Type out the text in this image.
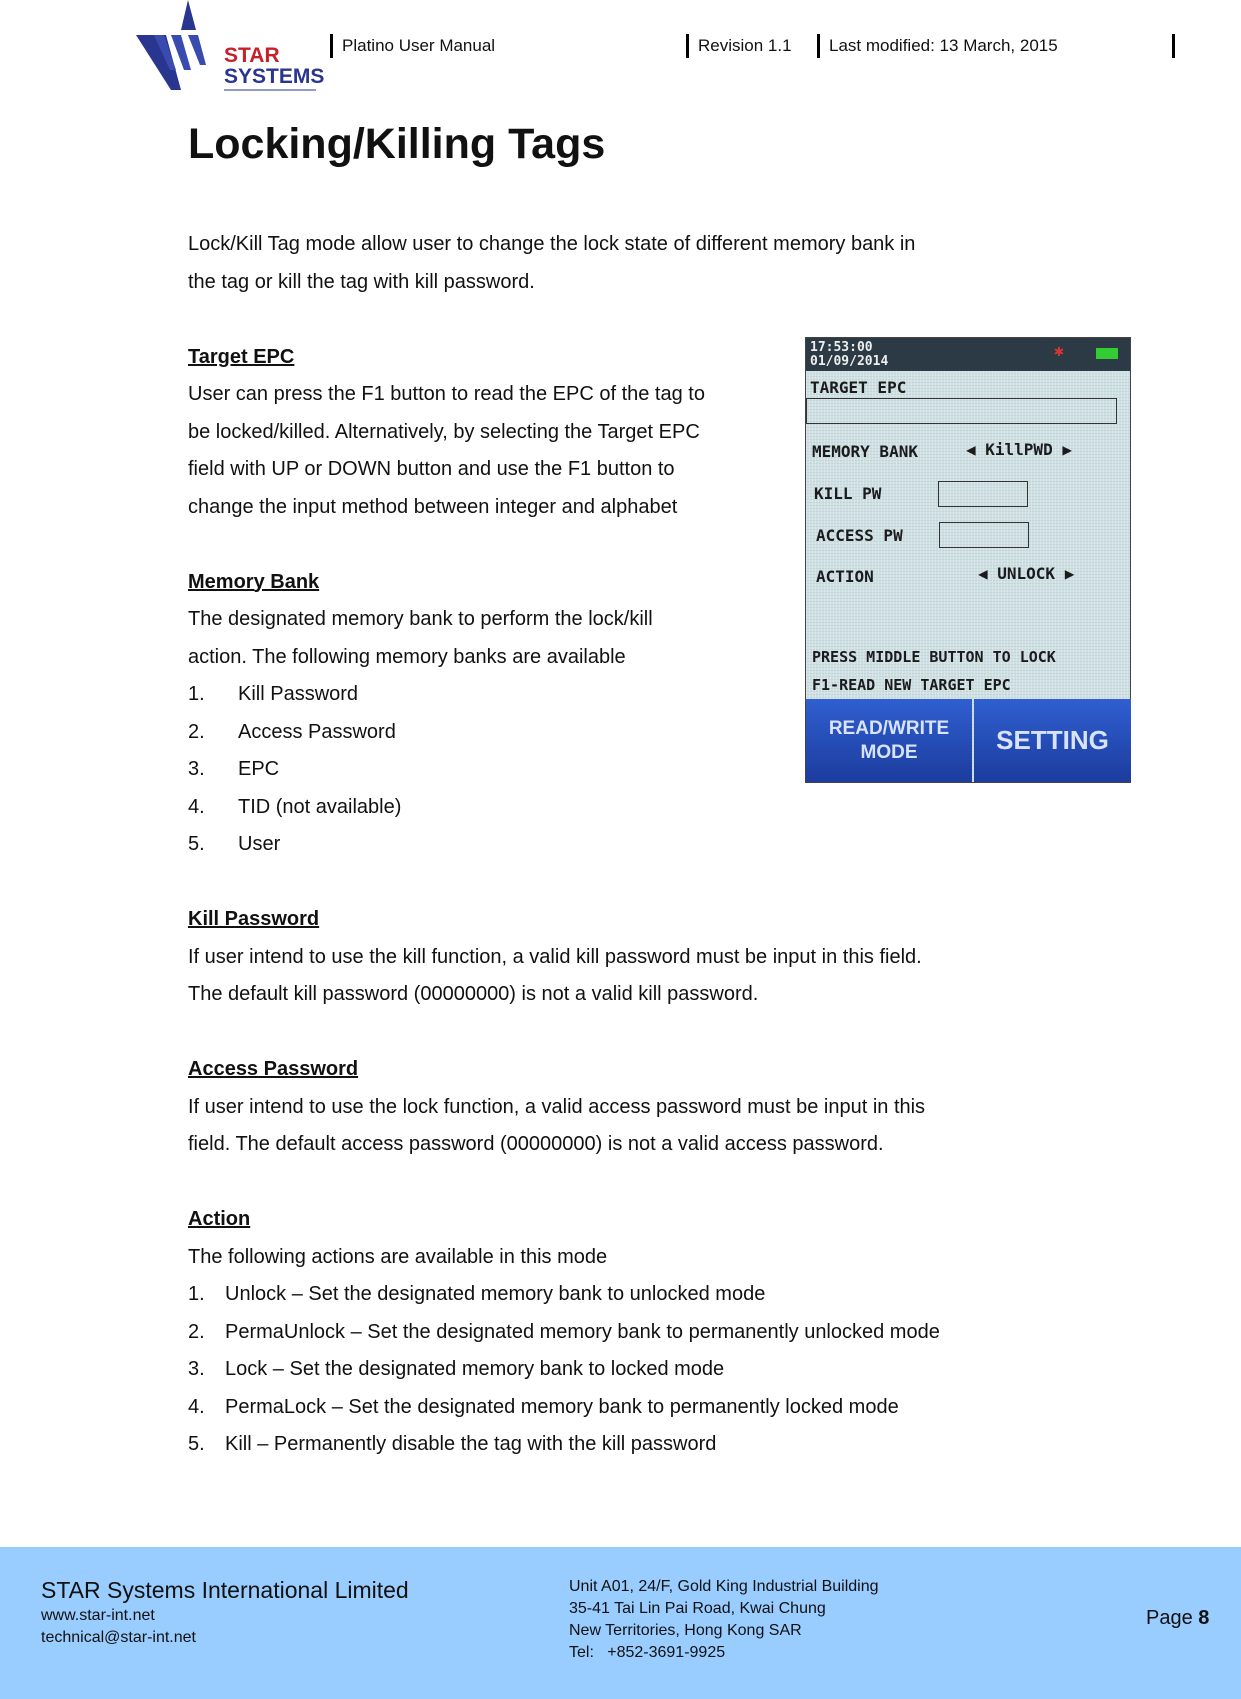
STAR
SYSTEMS
Platino User Manual	Revision 1.1	Last modified: 13 March, 2015
Locking/Killing Tags
Lock/Kill Tag mode allow user to change the lock state of different memory bank in
the tag or kill the tag with kill password.
Target EPC
User can press the F1 button to read the EPC of the tag to
be locked/killed. Alternatively, by selecting the Target EPC
field with UP or DOWN button and use the F1 button to
change the input method between integer and alphabet
Memory Bank
The designated memory bank to perform the lock/kill
action. The following memory banks are available
1.	Kill Password
2.	Access Password
3.	EPC
4.	TID (not available)
5.	User
Kill Password
If user intend to use the kill function, a valid kill password must be input in this field.
The default kill password (00000000) is not a valid kill password.
Access Password
If user intend to use the lock function, a valid access password must be input in this
field. The default access password (00000000) is not a valid access password.
Action
The following actions are available in this mode
1.	Unlock – Set the designated memory bank to unlocked mode
2.	PermaUnlock – Set the designated memory bank to permanently unlocked mode
3.	Lock – Set the designated memory bank to locked mode
4.	PermaLock – Set the designated memory bank to permanently locked mode
5.	Kill – Permanently disable the tag with the kill password
17:53:00
01/09/2014
✱
TARGET EPC
MEMORY BANK	◀ KillPWD ▶
KILL PW
ACCESS PW
ACTION	◀ UNLOCK ▶
PRESS MIDDLE BUTTON TO LOCK
F1-READ NEW TARGET EPC
READ/WRITE MODE	SETTING
STAR Systems International Limited
www.star-int.net
technical@star-int.net
Unit A01, 24/F, Gold King Industrial Building
35-41 Tai Lin Pai Road, Kwai Chung
New Territories, Hong Kong SAR
Tel:   +852-3691-9925
Page 8
